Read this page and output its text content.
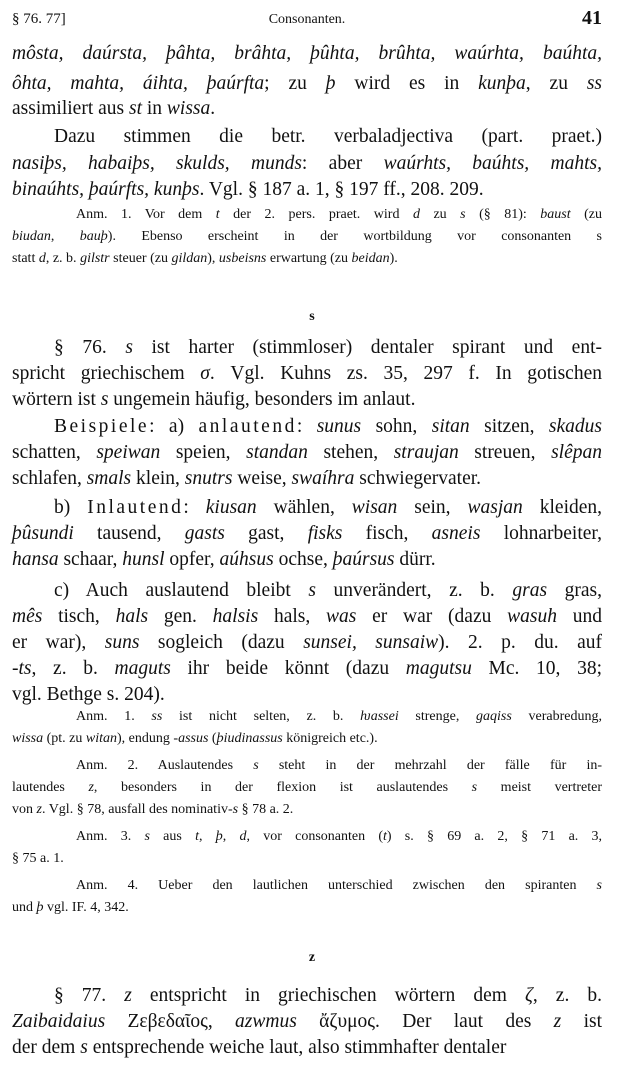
§ 76. 77]	Consonanten.	41
s
z
môsta, daúrsta, þâhta, brâhta, þûhta, brûhta, waúrhta, baúhta,
ôhta, mahta, áihta, þaúrfta; zu þ wird es in kunþa, zu ss
assimiliert aus st in wissa.
Dazu stimmen die betr. verbaladjectiva (part. praet.)
nasiþs, habaiþs, skulds, munds: aber waúrhts, baúhts, mahts,
binaúhts, þaúrfts, kunþs. Vgl. § 187 a. 1, § 197 ff., 208. 209.
Anm. 1. Vor dem t der 2. pers. praet. wird d zu s (§ 81): baust (zu
biudan, bauþ). Ebenso erscheint in der wortbildung vor consonanten s
statt d, z. b. gilstr steuer (zu gildan), usbeisns erwartung (zu beidan).
§ 76. s ist harter (stimmloser) dentaler spirant und ent-
spricht griechischem σ. Vgl. Kuhns zs. 35, 297 f. In gotischen
wörtern ist s ungemein häufig, besonders im anlaut.
Beispiele: a) anlautend: sunus sohn, sitan sitzen, skadus
schatten, speiwan speien, standan stehen, straujan streuen, slêpan
schlafen, smals klein, snutrs weise, swaíhra schwiegervater.
b) Inlautend: kiusan wählen, wisan sein, wasjan kleiden,
þûsundi tausend, gasts gast, fisks fisch, asneis lohnarbeiter,
hansa schaar, hunsl opfer, aúhsus ochse, þaúrsus dürr.
c) Auch auslautend bleibt s unverändert, z. b. gras gras,
mês tisch, hals gen. halsis hals, was er war (dazu wasuh und
er war), suns sogleich (dazu sunsei, sunsaiw). 2. p. du. auf
-ts, z. b. maguts ihr beide könnt (dazu magutsu Mc. 10, 38;
vgl. Bethge s. 204).
Anm. 1. ss ist nicht selten, z. b. ƕassei strenge, gaqiss verabredung,
wissa (pt. zu witan), endung -assus (þiudinassus königreich etc.).
Anm. 2. Auslautendes s steht in der mehrzahl der fälle für in-
lautendes z, besonders in der flexion ist auslautendes s meist vertreter
von z. Vgl. § 78, ausfall des nominativ-s § 78 a. 2.
Anm. 3. s aus t, þ, d, vor consonanten (t) s. § 69 a. 2, § 71 a. 3,
§ 75 a. 1.
Anm. 4. Ueber den lautlichen unterschied zwischen den spiranten s
und þ vgl. IF. 4, 342.
§ 77. z entspricht in griechischen wörtern dem ζ, z. b.
Zaibaidaius Ζεβεδαῖος, azwmus ἄζυμος. Der laut des z ist
der dem s entsprechende weiche laut, also stimmhafter dentaler
